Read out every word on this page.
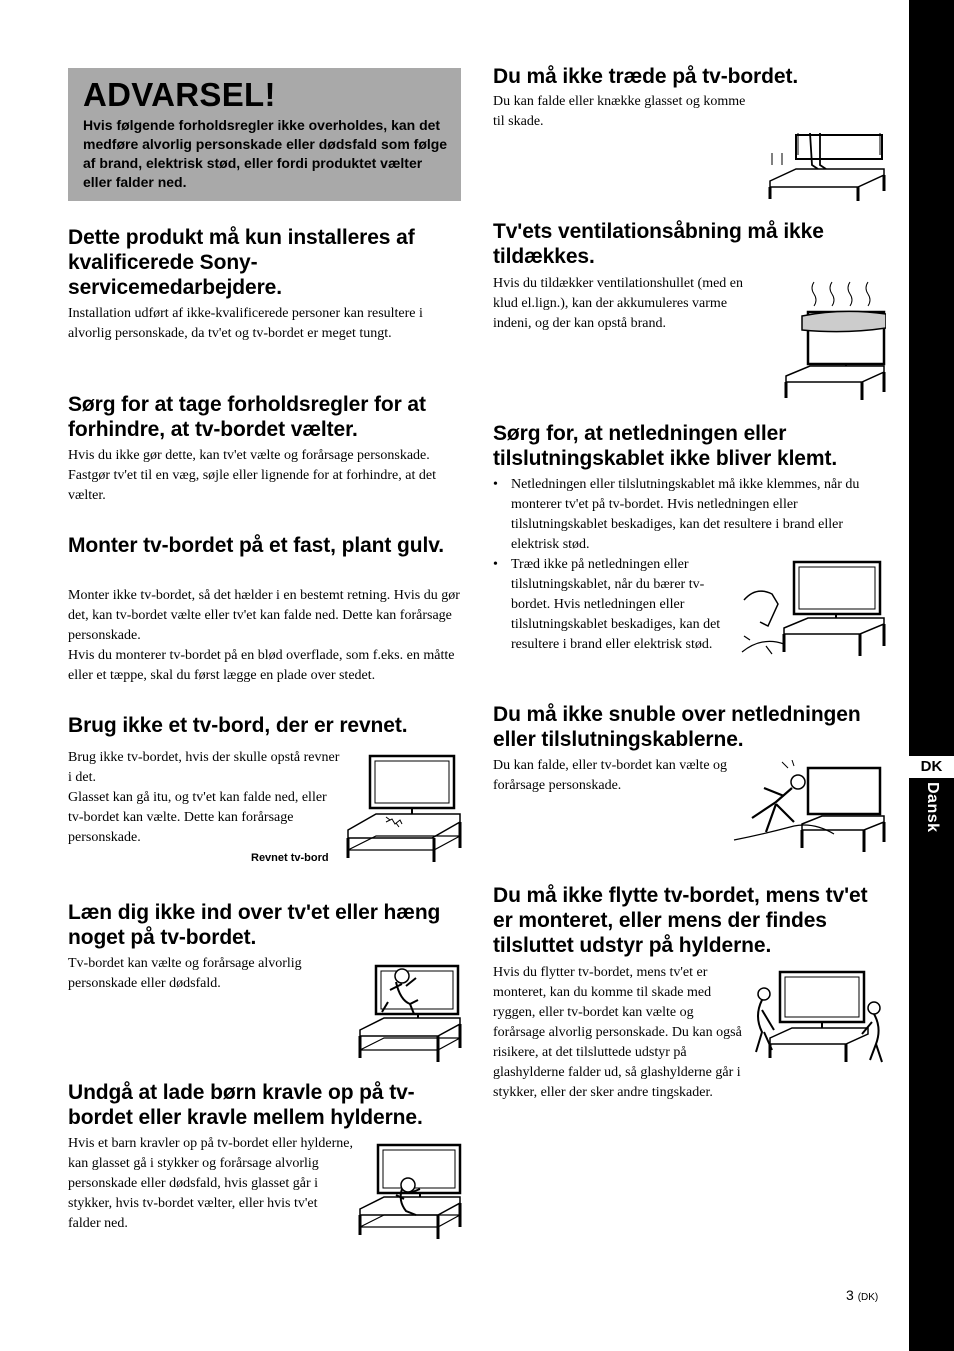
DK
Dansk
ADVARSEL!
Hvis følgende forholdsregler ikke overholdes, kan det medføre alvorlig personskade eller dødsfald som følge af brand, elektrisk stød, eller fordi produktet vælter eller falder ned.
Dette produkt må kun installeres af kvalificerede Sony-servicemedarbejdere.

Installation udført af ikke-kvalificerede personer kan resultere i alvorlig personskade, da tv'et og tv-bordet er meget tungt.

Sørg for at tage forholdsregler for at forhindre, at tv-bordet vælter.

Hvis du ikke gør dette, kan tv'et vælte og forårsage personskade. Fastgør tv'et til en væg, søjle eller lignende for at forhindre, at det vælter.

Monter tv-bordet på et fast, plant gulv.

Monter ikke tv-bordet, så det hælder i en bestemt retning. Hvis du gør det, kan tv-bordet vælte eller tv'et kan falde ned. Dette kan forårsage personskade.

Hvis du monterer tv-bordet på en blød overflade, som f.eks. en måtte eller et tæppe, skal du først lægge en plade over stedet.

Brug ikke et tv-bord, der er revnet.

Brug ikke tv-bordet, hvis der skulle opstå revner i det.

Glasset kan gå itu, og tv'et kan falde ned, eller tv-bordet kan vælte. Dette kan forårsage personskade.

Revnet tv-bord
Læn dig ikke ind over tv'et eller hæng noget på tv-bordet.

Tv-bordet kan vælte og forårsage alvorlig personskade eller dødsfald.

Undgå at lade børn kravle op på tv-bordet eller kravle mellem hylderne.

Hvis et barn kravler op på tv-bordet eller hylderne, kan glasset gå i stykker og forårsage alvorlig personskade eller dødsfald, hvis glasset går i stykker, hvis tv-bordet vælter, eller hvis tv'et falder ned.

Du må ikke træde på tv-bordet.

Du kan falde eller knække glasset og komme til skade.

Tv'ets ventilationsåbning må ikke tildækkes.

Hvis du tildækker ventilationshullet (med en klud el.lign.), kan der akkumuleres varme indeni, og der kan opstå brand.

Sørg for, at netledningen eller tilslutningskablet ikke bliver klemt.
• Netledningen eller tilslutningskablet må ikke klemmes, når du monterer tv'et på tv-bordet. Hvis netledningen eller tilslutningskablet beskadiges, kan det resultere i brand eller elektrisk stød.
• Træd ikke på netledningen eller tilslutningskablet, når du bærer tv-bordet. Hvis netledningen eller tilslutningskablet beskadiges, kan det resultere i brand eller elektrisk stød.
Du må ikke snuble over netledningen eller tilslutningskablerne.

Du kan falde, eller tv-bordet kan vælte og forårsage personskade.

Du må ikke flytte tv-bordet, mens tv'et er monteret, eller mens der findes tilsluttet udstyr på hylderne.

Hvis du flytter tv-bordet, mens tv'et er monteret, kan du komme til skade med ryggen, eller tv-bordet kan vælte og forårsage alvorlig personskade. Du kan også risikere, at det tilsluttede udstyr på glashylderne falder ud, så glashylderne går i stykker, eller der sker andre tingskader.

3 (DK)
